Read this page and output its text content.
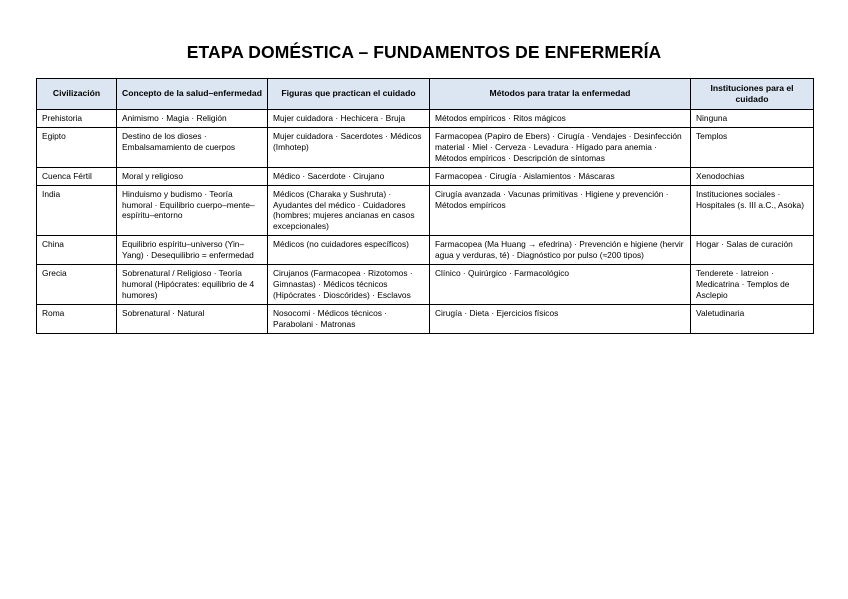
ETAPA DOMÉSTICA – FUNDAMENTOS DE ENFERMERÍA
Civilización	Concepto de la salud–enfermedad	Figuras que practican el cuidado	Métodos para tratar la enfermedad	Instituciones para el cuidado
Prehistoria	Animismo · Magia · Religión	Mujer cuidadora · Hechicera · Bruja	Métodos empíricos · Ritos mágicos	Ninguna
Egipto	Destino de los dioses · Embalsamamiento de cuerpos	Mujer cuidadora · Sacerdotes · Médicos (Imhotep)	Farmacopea (Papiro de Ebers) · Cirugía · Vendajes · Desinfección material · Miel · Cerveza · Levadura · Hígado para anemia · Métodos empíricos · Descripción de síntomas	Templos
Cuenca Fértil	Moral y religioso	Médico · Sacerdote · Cirujano	Farmacopea · Cirugía · Aislamientos · Máscaras	Xenodochias
India	Hinduismo y budismo · Teoría humoral · Equilibrio cuerpo–mente–espíritu–entorno	Médicos (Charaka y Sushruta) · Ayudantes del médico · Cuidadores (hombres; mujeres ancianas en casos excepcionales)	Cirugía avanzada · Vacunas primitivas · Higiene y prevención · Métodos empíricos	Instituciones sociales · Hospitales (s. III a.C., Asoka)
China	Equilibrio espíritu–universo (Yin–Yang) · Desequilibrio = enfermedad	Médicos (no cuidadores específicos)	Farmacopea (Ma Huang → efedrina) · Prevención e higiene (hervir agua y verduras, té) · Diagnóstico por pulso (≈200 tipos)	Hogar · Salas de curación
Grecia	Sobrenatural / Religioso · Teoría humoral (Hipócrates: equilibrio de 4 humores)	Cirujanos (Farmacopea · Rizotomos · Gimnastas) · Médicos técnicos (Hipócrates · Dioscórides) · Esclavos	Clínico · Quirúrgico · Farmacológico	Tenderete · Iatreion · Medicatrina · Templos de Asclepio
Roma	Sobrenatural · Natural	Nosocomi · Médicos técnicos · Parabolani · Matronas	Cirugía · Dieta · Ejercicios físicos	Valetudinaria
